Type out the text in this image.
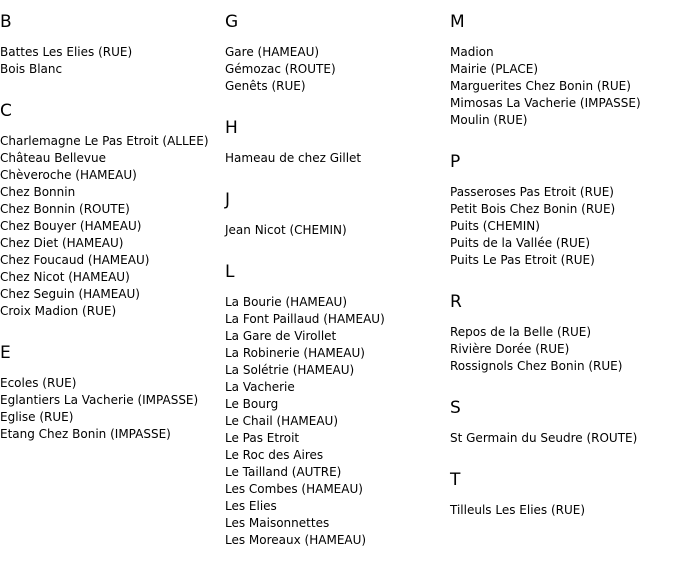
B
Battes Les Elies (RUE)
Bois Blanc
C
Charlemagne Le Pas Etroit (ALLEE)
Château Bellevue
Chèveroche (HAMEAU)
Chez Bonnin
Chez Bonnin (ROUTE)
Chez Bouyer (HAMEAU)
Chez Diet (HAMEAU)
Chez Foucaud (HAMEAU)
Chez Nicot (HAMEAU)
Chez Seguin (HAMEAU)
Croix Madion (RUE)
E
Ecoles (RUE)
Eglantiers La Vacherie (IMPASSE)
Eglise (RUE)
Etang Chez Bonin (IMPASSE)
G
Gare (HAMEAU)
Gémozac (ROUTE)
Genêts (RUE)
H
Hameau de chez Gillet
J
Jean Nicot (CHEMIN)
L
La Bourie (HAMEAU)
La Font Paillaud (HAMEAU)
La Gare de Virollet
La Robinerie (HAMEAU)
La Solétrie (HAMEAU)
La Vacherie
Le Bourg
Le Chail (HAMEAU)
Le Pas Etroit
Le Roc des Aires
Le Tailland (AUTRE)
Les Combes (HAMEAU)
Les Elies
Les Maisonnettes
Les Moreaux (HAMEAU)
M
Madion
Mairie (PLACE)
Marguerites Chez Bonin (RUE)
Mimosas La Vacherie (IMPASSE)
Moulin (RUE)
P
Passeroses Pas Etroit (RUE)
Petit Bois Chez Bonin (RUE)
Puits (CHEMIN)
Puits de la Vallée (RUE)
Puits Le Pas Etroit (RUE)
R
Repos de la Belle (RUE)
Rivière Dorée (RUE)
Rossignols Chez Bonin (RUE)
S
St Germain du Seudre (ROUTE)
T
Tilleuls Les Elies (RUE)
